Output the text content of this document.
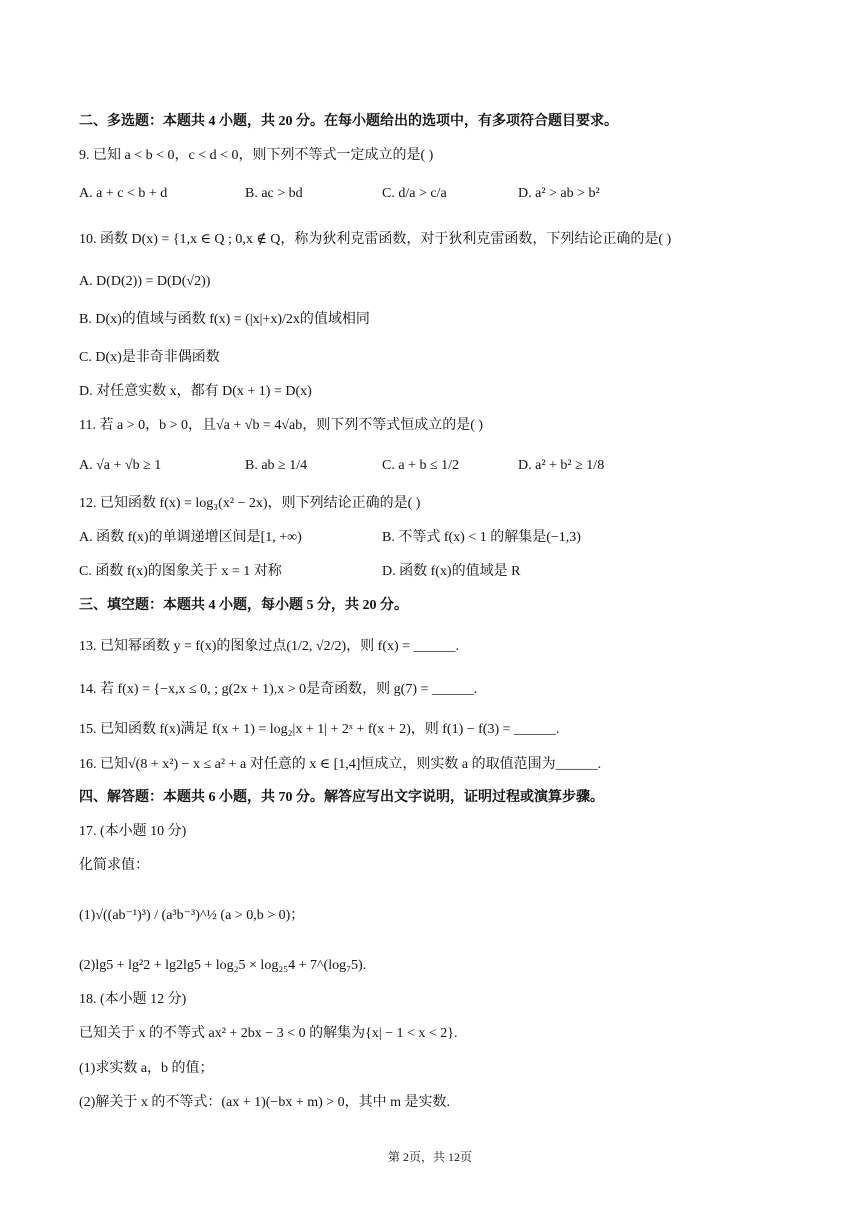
二、多选题：本题共 4 小题，共 20 分。在每小题给出的选项中，有多项符合题目要求。
9. 已知 a < b < 0，c < d < 0，则下列不等式一定成立的是( )
A. a + c < b + d	B. ac > bd	C. d/a > c/a	D. a² > ab > b²
10. 函数 D(x) = {1,x ∈ Q ; 0,x ∉ Q，称为狄利克雷函数，对于狄利克雷函数，下列结论正确的是( )
A. D(D(2)) = D(D(√2))
B. D(x)的值域与函数 f(x) = (|x|+x)/2x的值域相同
C. D(x)是非奇非偶函数
D. 对任意实数 x，都有 D(x + 1) = D(x)
11. 若 a > 0，b > 0，且√a + √b = 4√ab，则下列不等式恒成立的是( )
A. √a + √b ≥ 1	B. ab ≥ 1/4	C. a + b ≤ 1/2	D. a² + b² ≥ 1/8
12. 已知函数 f(x) = log₃(x² − 2x)，则下列结论正确的是( )
A. 函数 f(x)的单调递增区间是[1, +∞)	B. 不等式 f(x) < 1 的解集是(−1,3)
C. 函数 f(x)的图象关于 x = 1 对称	D. 函数 f(x)的值域是 R
三、填空题：本题共 4 小题，每小题 5 分，共 20 分。
13. 已知幂函数 y = f(x)的图象过点(1/2, √2/2)，则 f(x) = ______.
14. 若 f(x) = {−x,x ≤ 0, ; g(2x + 1),x > 0是奇函数，则 g(7) = ______.
15. 已知函数 f(x)满足 f(x + 1) = log₂|x + 1| + 2ˣ + f(x + 2)，则 f(1) − f(3) = ______.
16. 已知√(8 + x²) − x ≤ a² + a 对任意的 x ∈ [1,4]恒成立，则实数 a 的取值范围为______.
四、解答题：本题共 6 小题，共 70 分。解答应写出文字说明，证明过程或演算步骤。
17. (本小题 10 分)
化简求值：
(1)√((ab⁻¹)³) / (a³b⁻³)^½ (a > 0,b > 0)；
(2)lg5 + lg²2 + lg2lg5 + log₂5 × log₂₅4 + 7^(log₇5).
18. (本小题 12 分)
已知关于 x 的不等式 ax² + 2bx − 3 < 0 的解集为{x| − 1 < x < 2}.
(1)求实数 a，b 的值；
(2)解关于 x 的不等式：(ax + 1)(−bx + m) > 0，其中 m 是实数.
第 2页，共 12页
